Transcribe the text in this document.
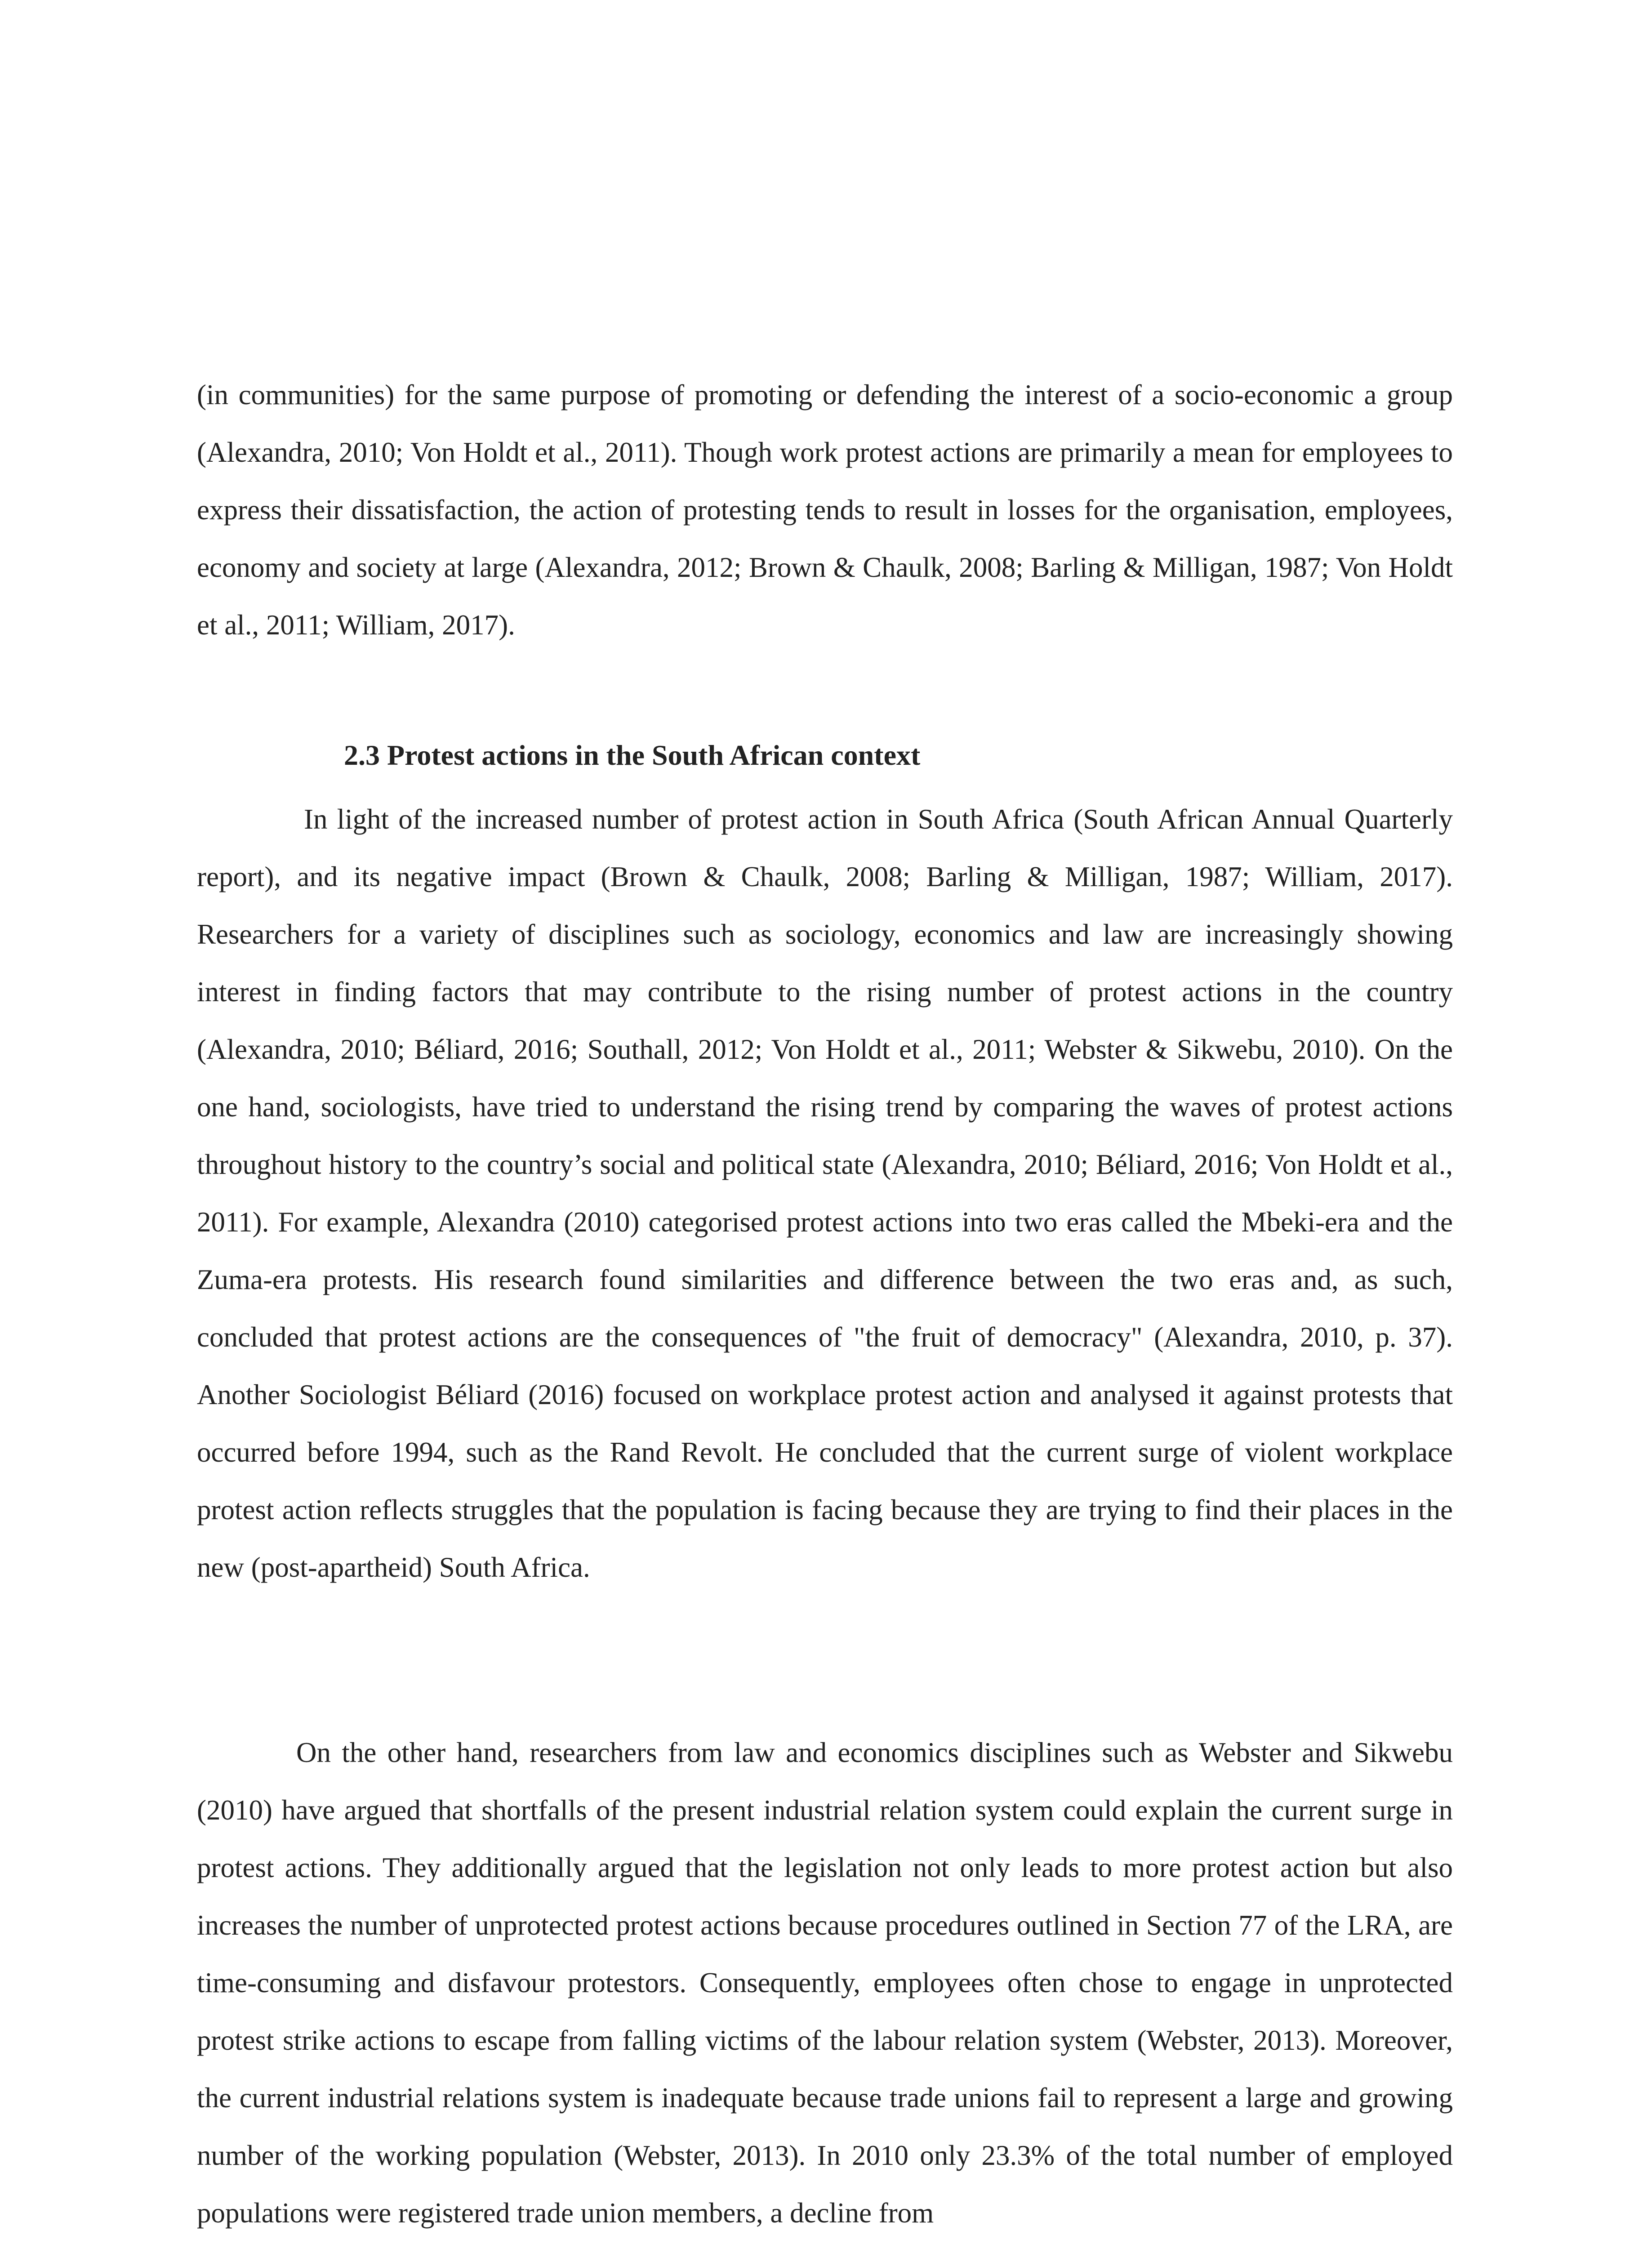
(in communities) for the same purpose of promoting or defending the interest of a socio-economic a group (Alexandra, 2010; Von Holdt et al., 2011). Though work protest actions are primarily a mean for employees to express their dissatisfaction, the action of protesting tends to result in losses for the organisation, employees, economy and society at large (Alexandra, 2012; Brown & Chaulk, 2008; Barling & Milligan, 1987; Von Holdt et al., 2011; William, 2017).

2.3 Protest actions in the South African context

In light of the increased number of protest action in South Africa (South African Annual Quarterly report), and its negative impact (Brown & Chaulk, 2008; Barling & Milligan, 1987; William, 2017). Researchers for a variety of disciplines such as sociology, economics and law are increasingly showing interest in finding factors that may contribute to the rising number of protest actions in the country (Alexandra, 2010; Béliard, 2016; Southall, 2012; Von Holdt et al., 2011; Webster & Sikwebu, 2010). On the one hand, sociologists, have tried to understand the rising trend by comparing the waves of protest actions throughout history to the country’s social and political state (Alexandra, 2010; Béliard, 2016; Von Holdt et al., 2011). For example, Alexandra (2010) categorised protest actions into two eras called the Mbeki-era and the Zuma-era protests. His research found similarities and difference between the two eras and, as such, concluded that protest actions are the consequences of "the fruit of democracy" (Alexandra, 2010, p. 37). Another Sociologist Béliard (2016) focused on workplace protest action and analysed it against protests that occurred before 1994, such as the Rand Revolt. He concluded that the current surge of violent workplace protest action reflects struggles that the population is facing because they are trying to find their places in the new (post-apartheid) South Africa.

On the other hand, researchers from law and economics disciplines such as Webster and Sikwebu (2010) have argued that shortfalls of the present industrial relation system could explain the current surge in protest actions. They additionally argued that the legislation not only leads to more protest action but also increases the number of unprotected protest actions because procedures outlined in Section 77 of the LRA, are time-consuming and disfavour protestors. Consequently, employees often chose to engage in unprotected protest strike actions to escape from falling victims of the labour relation system (Webster, 2013). Moreover, the current industrial relations system is inadequate because trade unions fail to represent a large and growing number of the working population (Webster, 2013). In 2010 only 23.3% of the total number of employed populations were registered trade union members, a decline from
